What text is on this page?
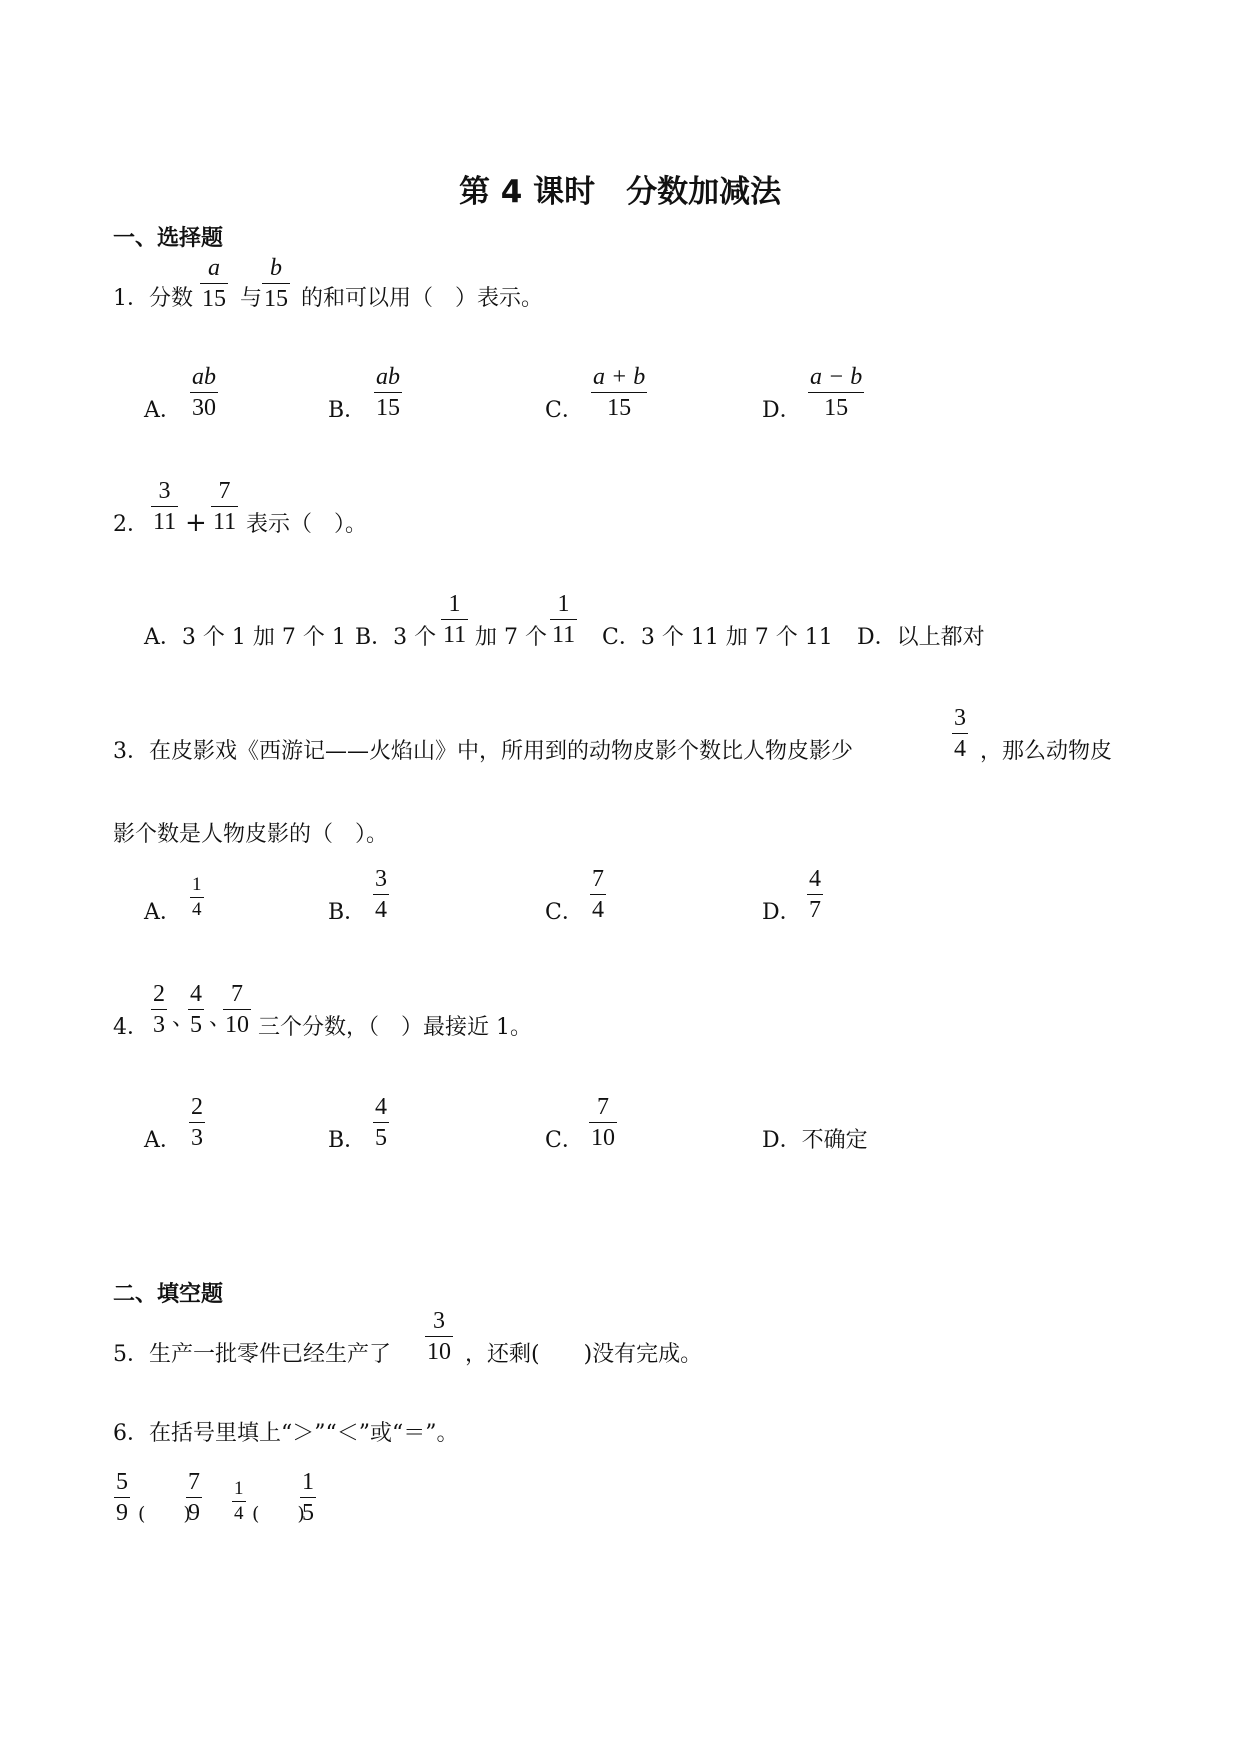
第 4 课时　分数加减法
一、选择题
1．分数
a
15 与
b
15 的和可以用（　）表示。
A．
ab
30	B．
ab
15	C．
a + b
15	D．
a − b
15
2．
3
11 +
7
11 表示（　）。
A．3 个 1 加 7 个 1 B．3 个
1
11 加 7 个
1
11 C．3 个 11 加 7 个 11 D．以上都对
3．在皮影戏《西游记——火焰山》中，所用到的动物皮影个数比人物皮影少
3
4 ，那么动物皮
影个数是人物皮影的（　）。
A．
1
4	B．
3
4	C．
7
4	D．
4
7
4．
2
3 、
4
5 、
7
10 三个分数，（　）最接近 1。
A．
2
3	B．
4
5	C．
7
10	D．不确定
二、填空题
5．生产一批零件已经生产了
3
10 ，还剩(　　)没有完成。
6．在括号里填上“＞”“＜”或“＝”。
5
9 (　　)
7
9
1
4 (　　)
1
5
